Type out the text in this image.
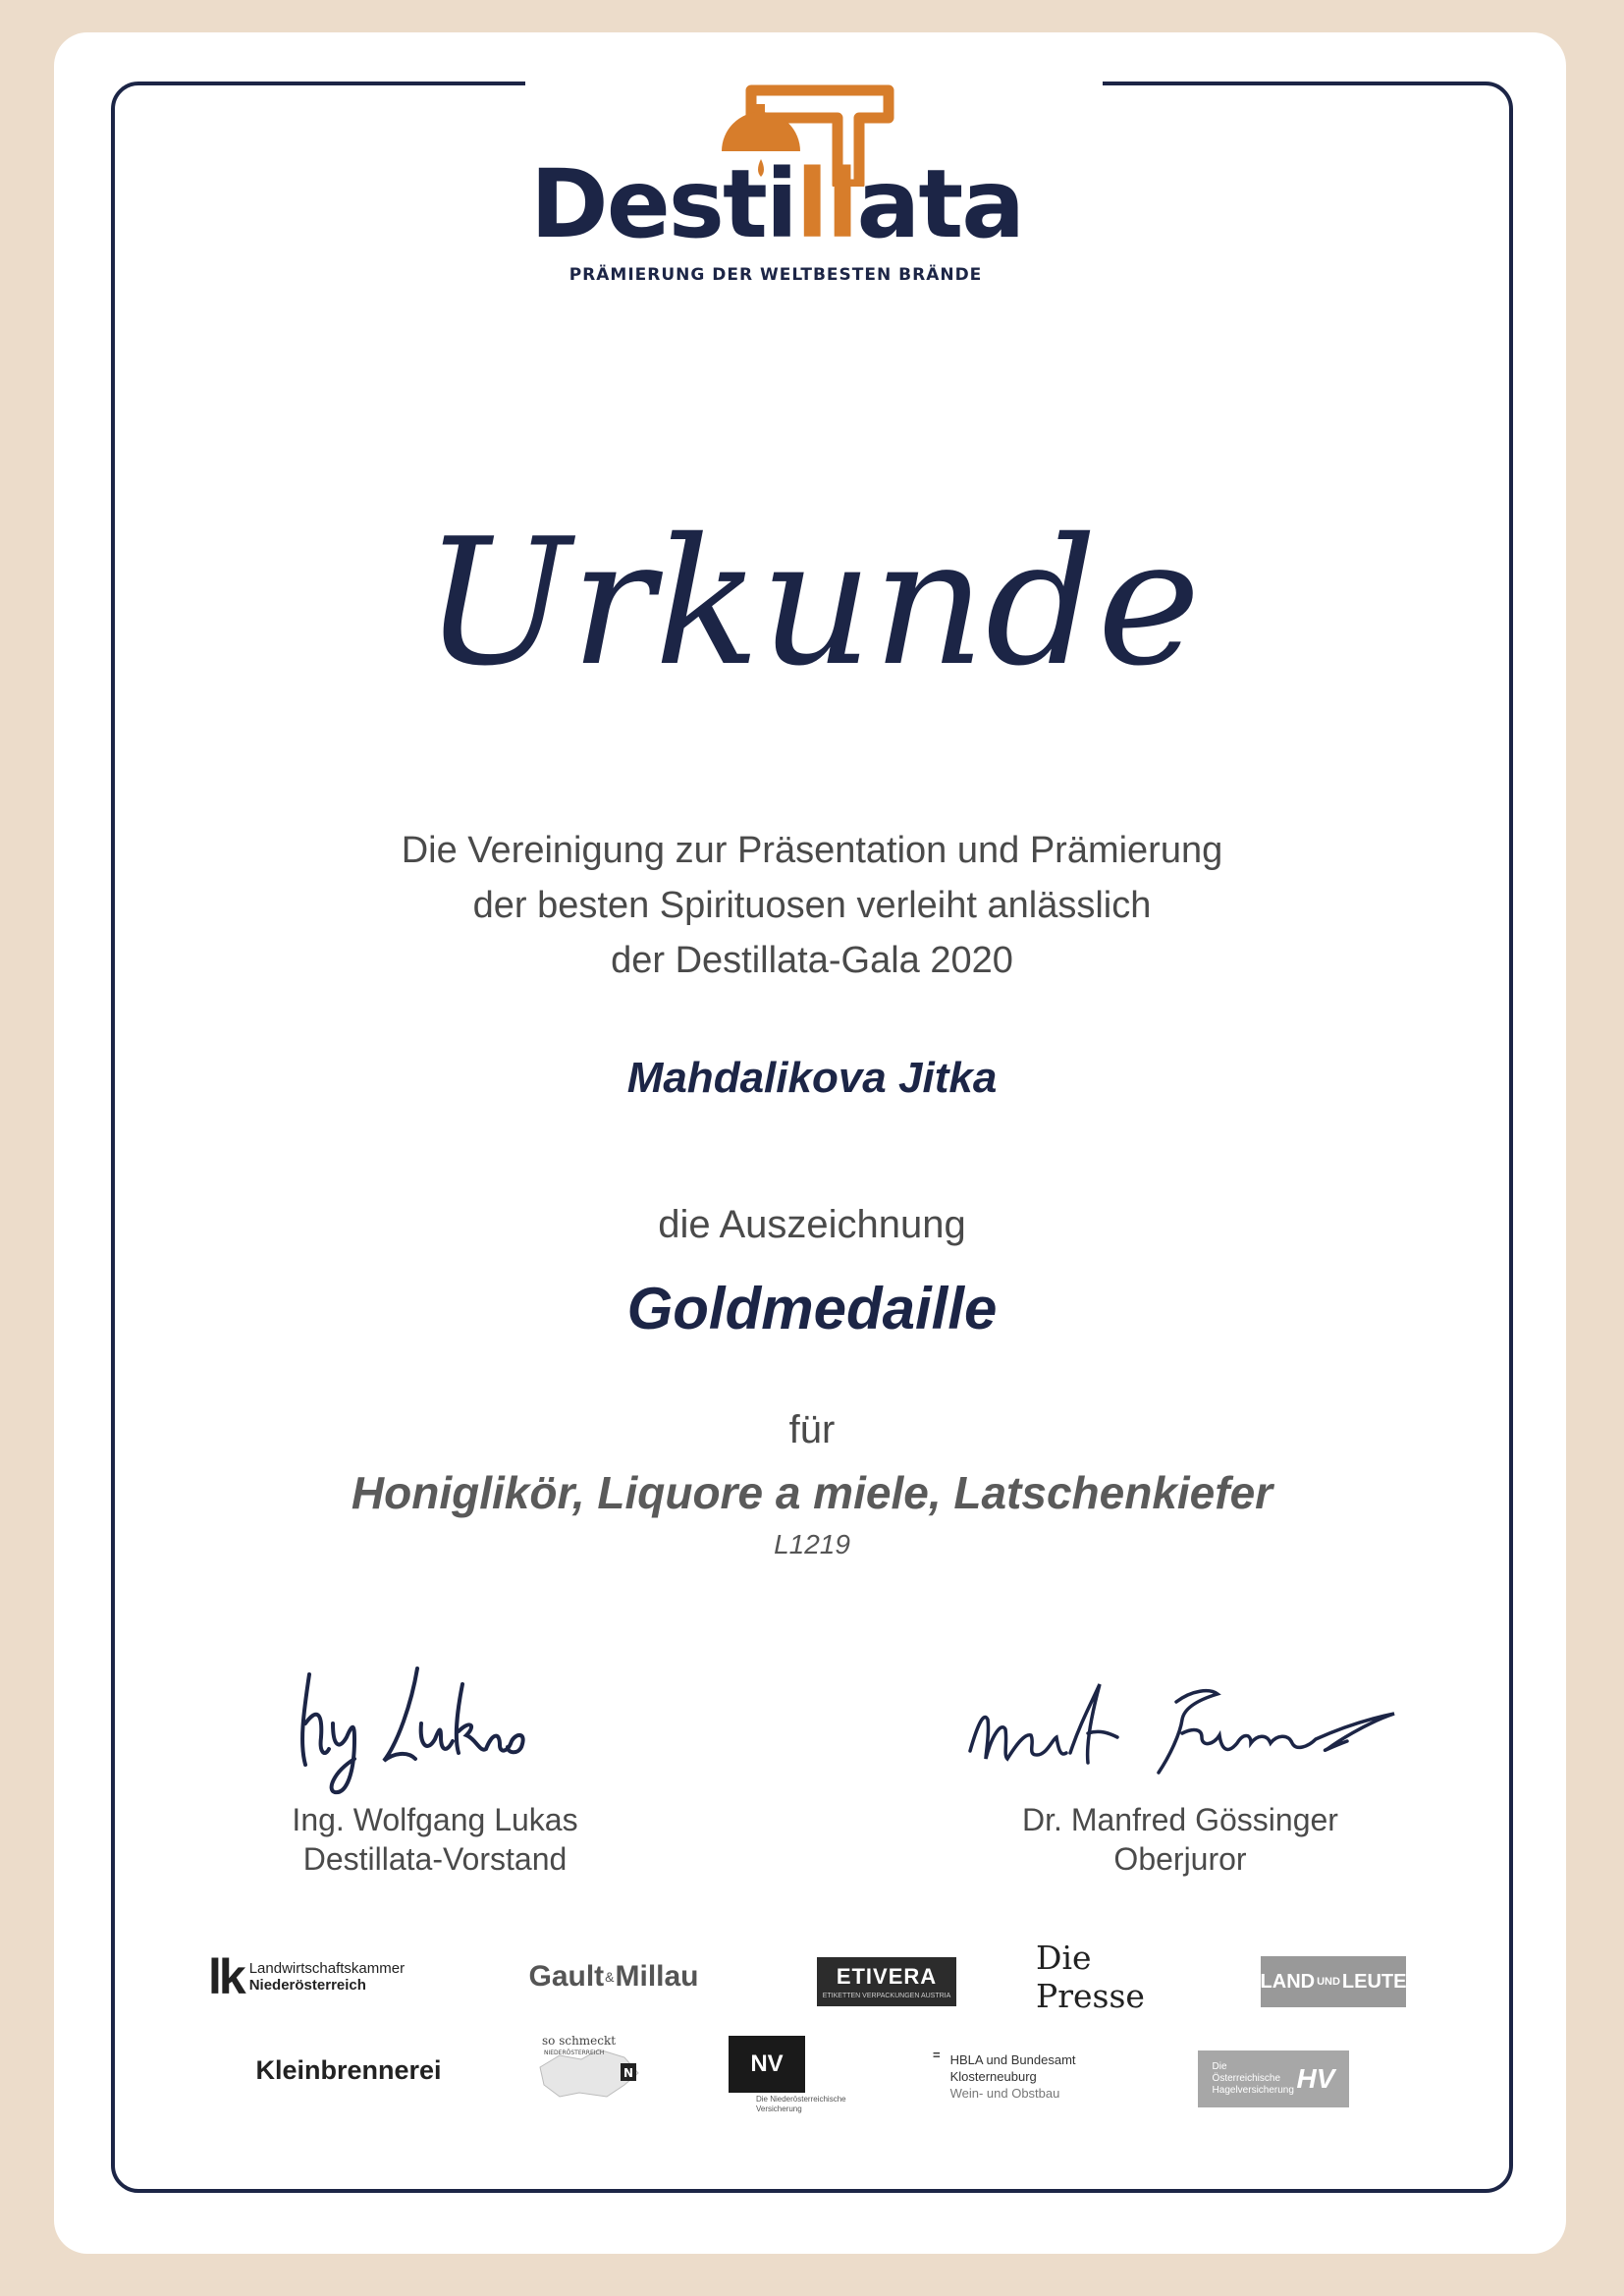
Destillata
PRÄMIERUNG DER WELTBESTEN BRÄNDE
Urkunde
Die Vereinigung zur Präsentation und Prämierung
der besten Spirituosen verleiht anlässlich
der Destillata-Gala 2020
Mahdalikova Jitka
die Auszeichnung
Goldmedaille
für
Honiglikör, Liquore a miele, Latschenkiefer
L1219
Ing. Wolfgang Lukas
Destillata-Vorstand
Dr. Manfred Gössinger
Oberjuror
lk Landwirtschaftskammer
Niederösterreich	Gault & Millau	ETIVERA
ETIKETTEN VERPACKUNGEN AUSTRIA
Die Presse	LAND UND LEUTE
Kleinbrennerei
so schmeckt
NIEDERÖSTERREICH
N	NV
Die Niederösterreichische Versicherung
= HBLA und Bundesamt
Klosterneuburg
Wein- und Obstbau
Die Österreichische Hagelversicherung HV
